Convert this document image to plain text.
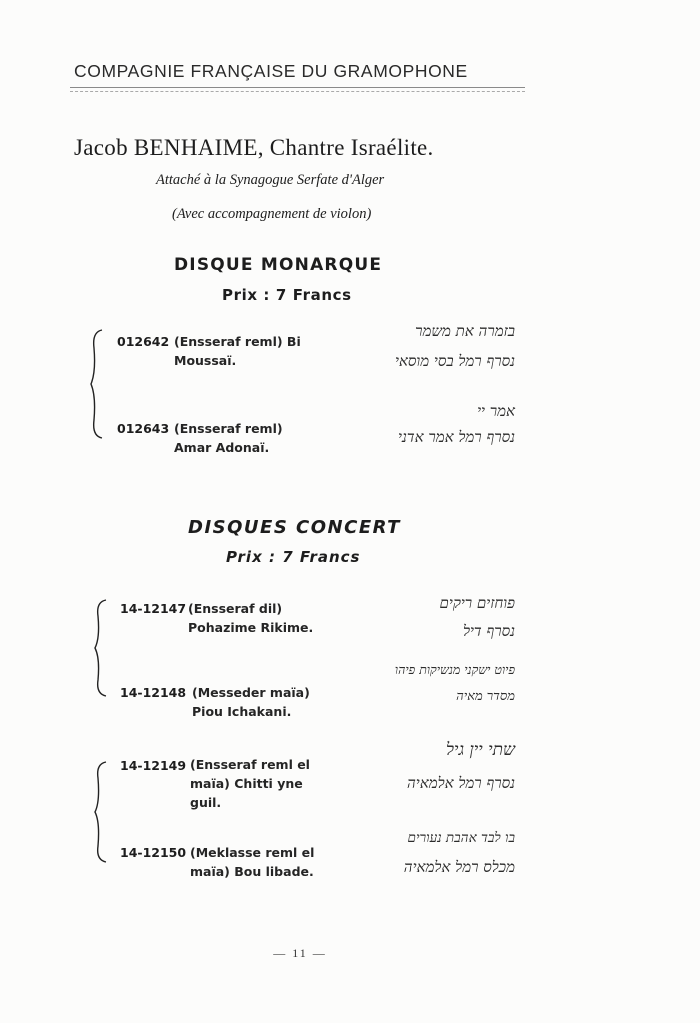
COMPAGNIE FRANÇAISE DU GRAMOPHONE
Jacob BENHAIME, Chantre Israélite.
Attaché à la Synagogue Serfate d'Alger
(Avec accompagnement de violon)
DISQUE MONARQUE
Prix : 7 Francs
012642 (Ensseraf reml) Bi Moussaï.
בזמרה את משמר
נסרף רמל בסי מוסאי
012643 (Ensseraf reml) Amar Adonaï.
אמר יי
נסרף רמל אמר אדני
DISQUES CONCERT
Prix : 7 Francs
14-12147 (Ensseraf dil) Pohazime Rikime.
פוחזים ריקים
נסרף דיל
14-12148 (Messeder maïa) Piou Ichakani.
פיוט ישקני מנשיקות פיהו
מסדר מאיה
14-12149 (Ensseraf reml el maïa) Chitti yne guil.
שתי יין גיל
נסרף רמל אלמאיה
14-12150 (Meklasse reml el maïa) Bou libade.
בו לבד אהבת נעורים
מכלס רמל אלמאיה
— 11 —
